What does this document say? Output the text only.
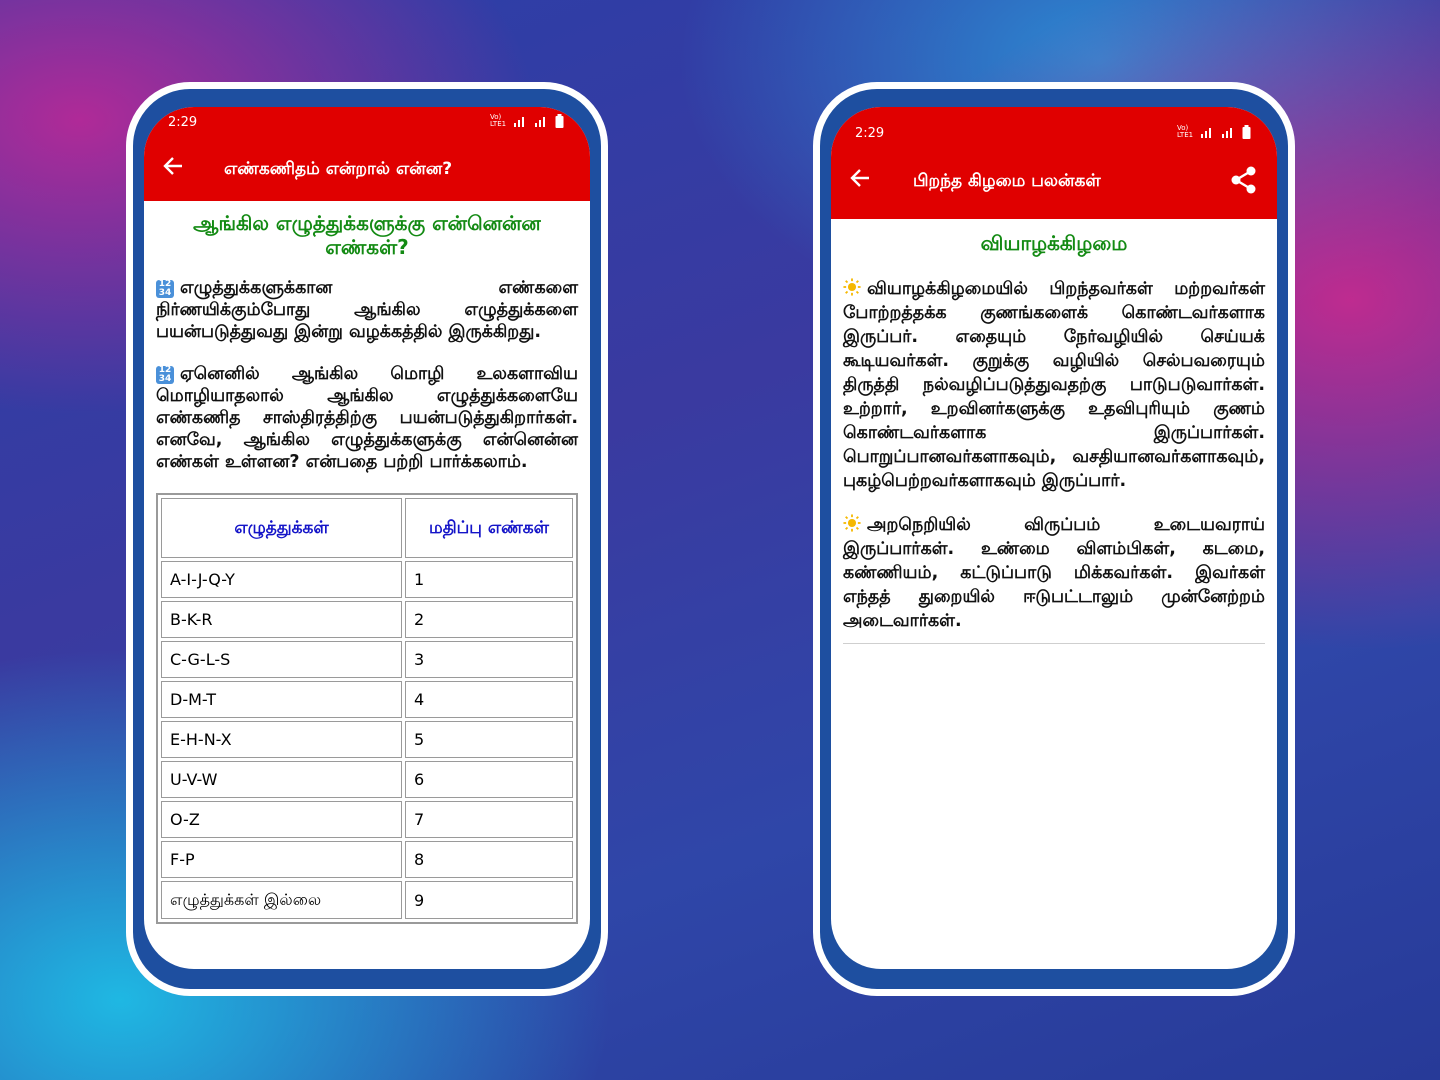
2:29	Vo) LTE1
எண்கணிதம் என்றால் என்ன?
ஆங்கில எழுத்துக்களுக்கு என்னென்ன எண்கள்?

12
34 எழுத்துக்களுக்கான எண்களை நிர்ணயிக்கும்போது ஆங்கில எழுத்துக்களை பயன்படுத்துவது இன்று வழக்கத்தில் இருக்கிறது.

12
34 ஏனெனில் ஆங்கில மொழி உலகளாவிய மொழியாதலால் ஆங்கில எழுத்துக்களையே எண்கணித சாஸ்திரத்திற்கு பயன்படுத்துகிறார்கள். எனவே, ஆங்கில எழுத்துக்களுக்கு என்னென்ன எண்கள் உள்ளன? என்பதை பற்றி பார்க்கலாம்.

எழுத்துக்கள்	மதிப்பு எண்கள்
A-I-J-Q-Y	1
B-K-R	2
C-G-L-S	3
D-M-T	4
E-H-N-X	5
U-V-W	6
O-Z	7
F-P	8
எழுத்துக்கள் இல்லை	9
2:29	Vo) LTE1
பிறந்த கிழமை பலன்கள்
வியாழக்கிழமை

வியாழக்கிழமையில் பிறந்தவர்கள் மற்றவர்கள் போற்றத்தக்க குணங்களைக் கொண்டவர்களாக இருப்பர். எதையும் நேர்வழியில் செய்யக் கூடியவர்கள். குறுக்கு வழியில் செல்பவரையும் திருத்தி நல்வழிப்படுத்துவதற்கு பாடுபடுவார்கள். உற்றார், உறவினர்களுக்கு உதவிபுரியும் குணம் கொண்டவர்களாக இருப்பார்கள். பொறுப்பானவர்களாகவும், வசதியானவர்களாகவும், புகழ்பெற்றவர்களாகவும் இருப்பார்.

அறநெறியில் விருப்பம் உடையவராய் இருப்பார்கள். உண்மை விளம்பிகள், கடமை, கண்ணியம், கட்டுப்பாடு மிக்கவர்கள். இவர்கள் எந்தத் துறையில் ஈடுபட்டாலும் முன்னேற்றம் அடைவார்கள்.
